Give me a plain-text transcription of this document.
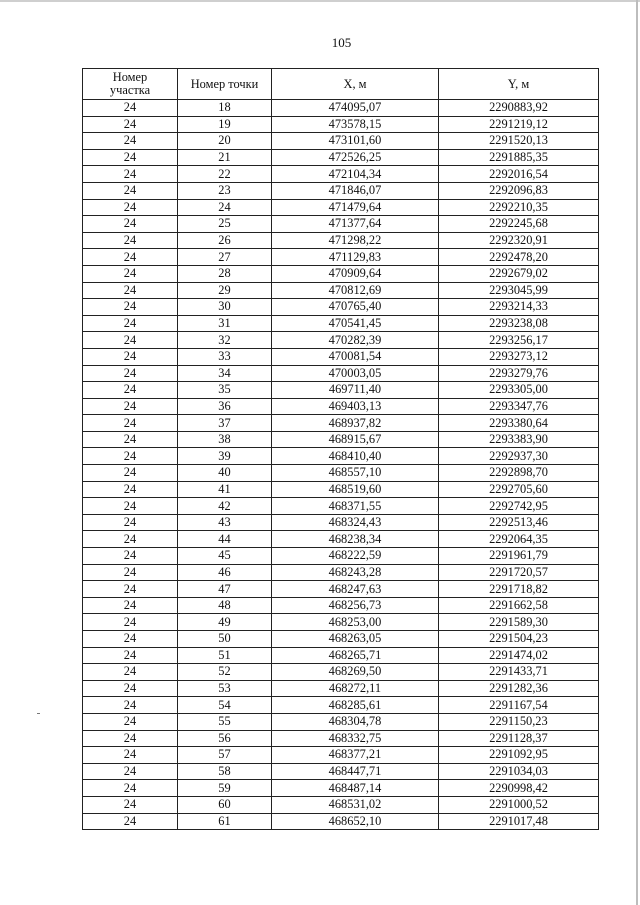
105
Номер участка	Номер точки	X, м	Y, м
24	18	474095,07	2290883,92
24	19	473578,15	2291219,12
24	20	473101,60	2291520,13
24	21	472526,25	2291885,35
24	22	472104,34	2292016,54
24	23	471846,07	2292096,83
24	24	471479,64	2292210,35
24	25	471377,64	2292245,68
24	26	471298,22	2292320,91
24	27	471129,83	2292478,20
24	28	470909,64	2292679,02
24	29	470812,69	2293045,99
24	30	470765,40	2293214,33
24	31	470541,45	2293238,08
24	32	470282,39	2293256,17
24	33	470081,54	2293273,12
24	34	470003,05	2293279,76
24	35	469711,40	2293305,00
24	36	469403,13	2293347,76
24	37	468937,82	2293380,64
24	38	468915,67	2293383,90
24	39	468410,40	2292937,30
24	40	468557,10	2292898,70
24	41	468519,60	2292705,60
24	42	468371,55	2292742,95
24	43	468324,43	2292513,46
24	44	468238,34	2292064,35
24	45	468222,59	2291961,79
24	46	468243,28	2291720,57
24	47	468247,63	2291718,82
24	48	468256,73	2291662,58
24	49	468253,00	2291589,30
24	50	468263,05	2291504,23
24	51	468265,71	2291474,02
24	52	468269,50	2291433,71
24	53	468272,11	2291282,36
24	54	468285,61	2291167,54
24	55	468304,78	2291150,23
24	56	468332,75	2291128,37
24	57	468377,21	2291092,95
24	58	468447,71	2291034,03
24	59	468487,14	2290998,42
24	60	468531,02	2291000,52
24	61	468652,10	2291017,48
